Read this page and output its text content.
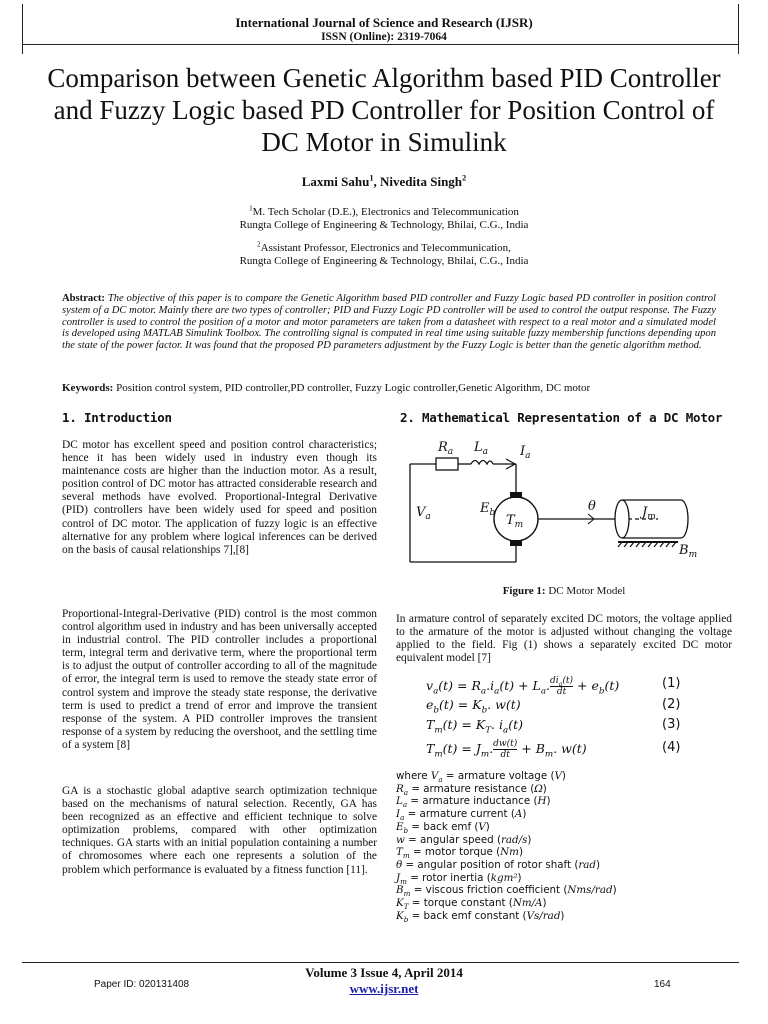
International Journal of Science and Research (IJSR)
ISSN (Online): 2319-7064
Comparison between Genetic Algorithm based PID Controller and Fuzzy Logic based PD Controller for Position Control of DC Motor in Simulink
Laxmi Sahu$^1$, Nivedita Singh$^2$
$^1$M. Tech Scholar (D.E.), Electronics and Telecommunication
Rungta College of Engineering & Technology, Bhilai, C.G., India
$^2$Assistant Professor, Electronics and Telecommunication,
Rungta College of Engineering & Technology, Bhilai, C.G., India
Abstract: The objective of this paper is to compare the Genetic Algorithm based PID controller and Fuzzy Logic based PD controller in position control system of a DC motor. Mainly there are two types of controller; PID and Fuzzy Logic PD controller will be used to control the output response. The Fuzzy controller is used to control the position of a motor and motor parameters are taken from a datasheet with respect to a real motor and a simulated model is developed using MATLAB Simulink Toolbox. The controlling signal is computed in real time using suitable fuzzy membership functions depending upon the state of the power factor. It was found that the proposed PD parameters adjustment by the Fuzzy Logic is better than the genetic algorithm method.
Keywords: Position control system, PID controller,PD controller, Fuzzy Logic controller,Genetic Algorithm, DC motor
1. Introduction
DC motor has excellent speed and position control characteristics; hence it has been widely used in industry even though its maintenance costs are higher than the induction motor. As a result, position control of DC motor has attracted considerable research and several methods have evolved. Proportional-Integral Derivative (PID) controllers have been widely used for speed and position control of DC motor. The application of fuzzy logic is an effective alternative for any problem where logical inferences can be derived on the basis of causal relationships 7],[8]
Proportional-Integral-Derivative (PID) control is the most common control algorithm used in industry and has been universally accepted in industrial control. The PID controller includes a proportional term, integral term and derivative term, where the proportional term is to adjust the output of controller according to all of the magnitude of error, the integral term is used to remove the steady state error of control system and improve the steady state response, the derivative term is used to predict a trend of error and improve the transient response of the system. A PID controller improves the transient response of a system by reducing the overshoot, and the settling time of a system [8]
GA is a stochastic global adaptive search optimization technique based on the mechanisms of natural selection. Recently, GA has been recognized as an effective and efficient technique to solve optimization problems, compared with other optimization techniques. GA starts with an initial population containing a number of chromosomes where each one represents a solution of the problem which performance is evaluated by a fitness function [11].
2. Mathematical Representation of a DC Motor
$R_a$ $L_a$ $I_a$
$V_a$
$E_b$ $T_m$
θ	$J_m$
$B_m$
Figure 1: DC Motor Model
In armature control of separately excited DC motors, the voltage applied to the armature of the motor is adjusted without changing the voltage applied to the field. Fig (1) shows a separately excited DC motor equivalent model [7]
$v_a(t) = R_a.i_a(t) + L_a$. $di_a(t)$
dt + $e_b(t)$	(1)
$e_b(t) = K_b$. w(t)	(2)
$T_m(t) = K_T$. $i_a(t)$	(3)
$T_m(t) = J_m$. $\frac{dw(t)}{dt} + B_m$. w(t)	(4)
where $V_a$ = armature voltage (V)
$R_a$ = armature resistance (Ω)
$L_a$ = armature inductance (H)
$I_a$ = armature current (A)
$E_b$ = back emf (V)
w = angular speed (rad/s)
$T_m$ = motor torque (Nm)
θ = angular position of rotor shaft (rad)
$J_m$ = rotor inertia (kgm²)
$B_m$ = viscous friction coefficient (Nms/rad)
$K_T$ = torque constant (Nm/A)
$K_b$ = back emf constant (Vs/rad)
Volume 3 Issue 4, April 2014
www.ijsr.net
Paper ID: 020131408	164
